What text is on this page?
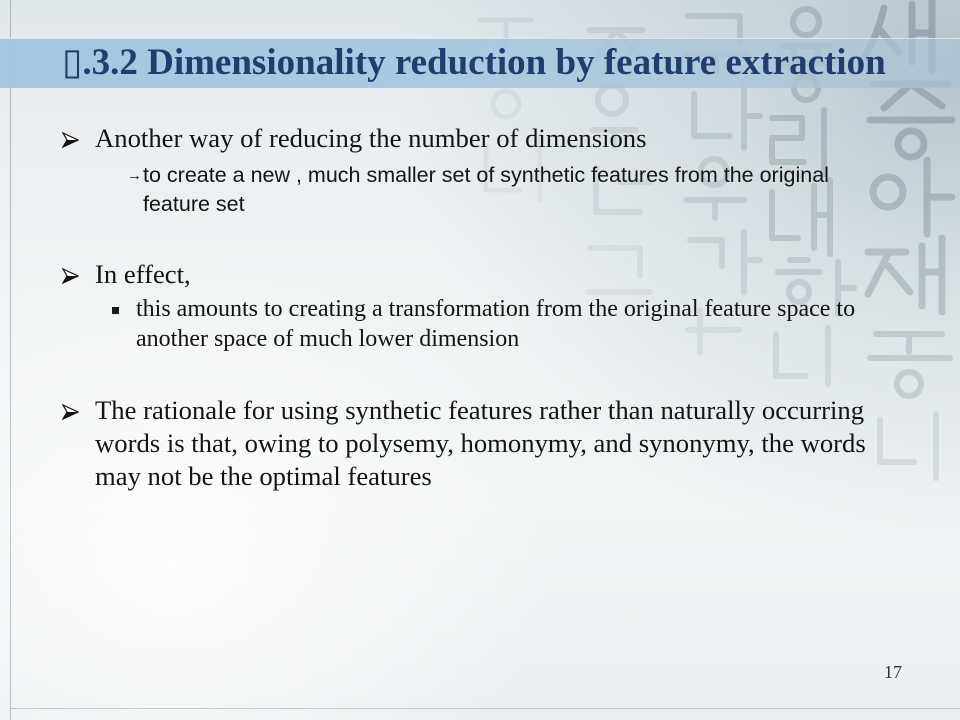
▯.3.2 Dimensionality reduction by feature extraction
Another way of reducing the number of dimensions
→ to create a new , much smaller set of synthetic features from the original feature set
In effect,
this amounts to creating a transformation from the original feature space to another space of much lower dimension
The rationale for using synthetic features rather than naturally occurring words is that, owing to polysemy, homonymy, and synonymy, the words may not be the optimal features
17
